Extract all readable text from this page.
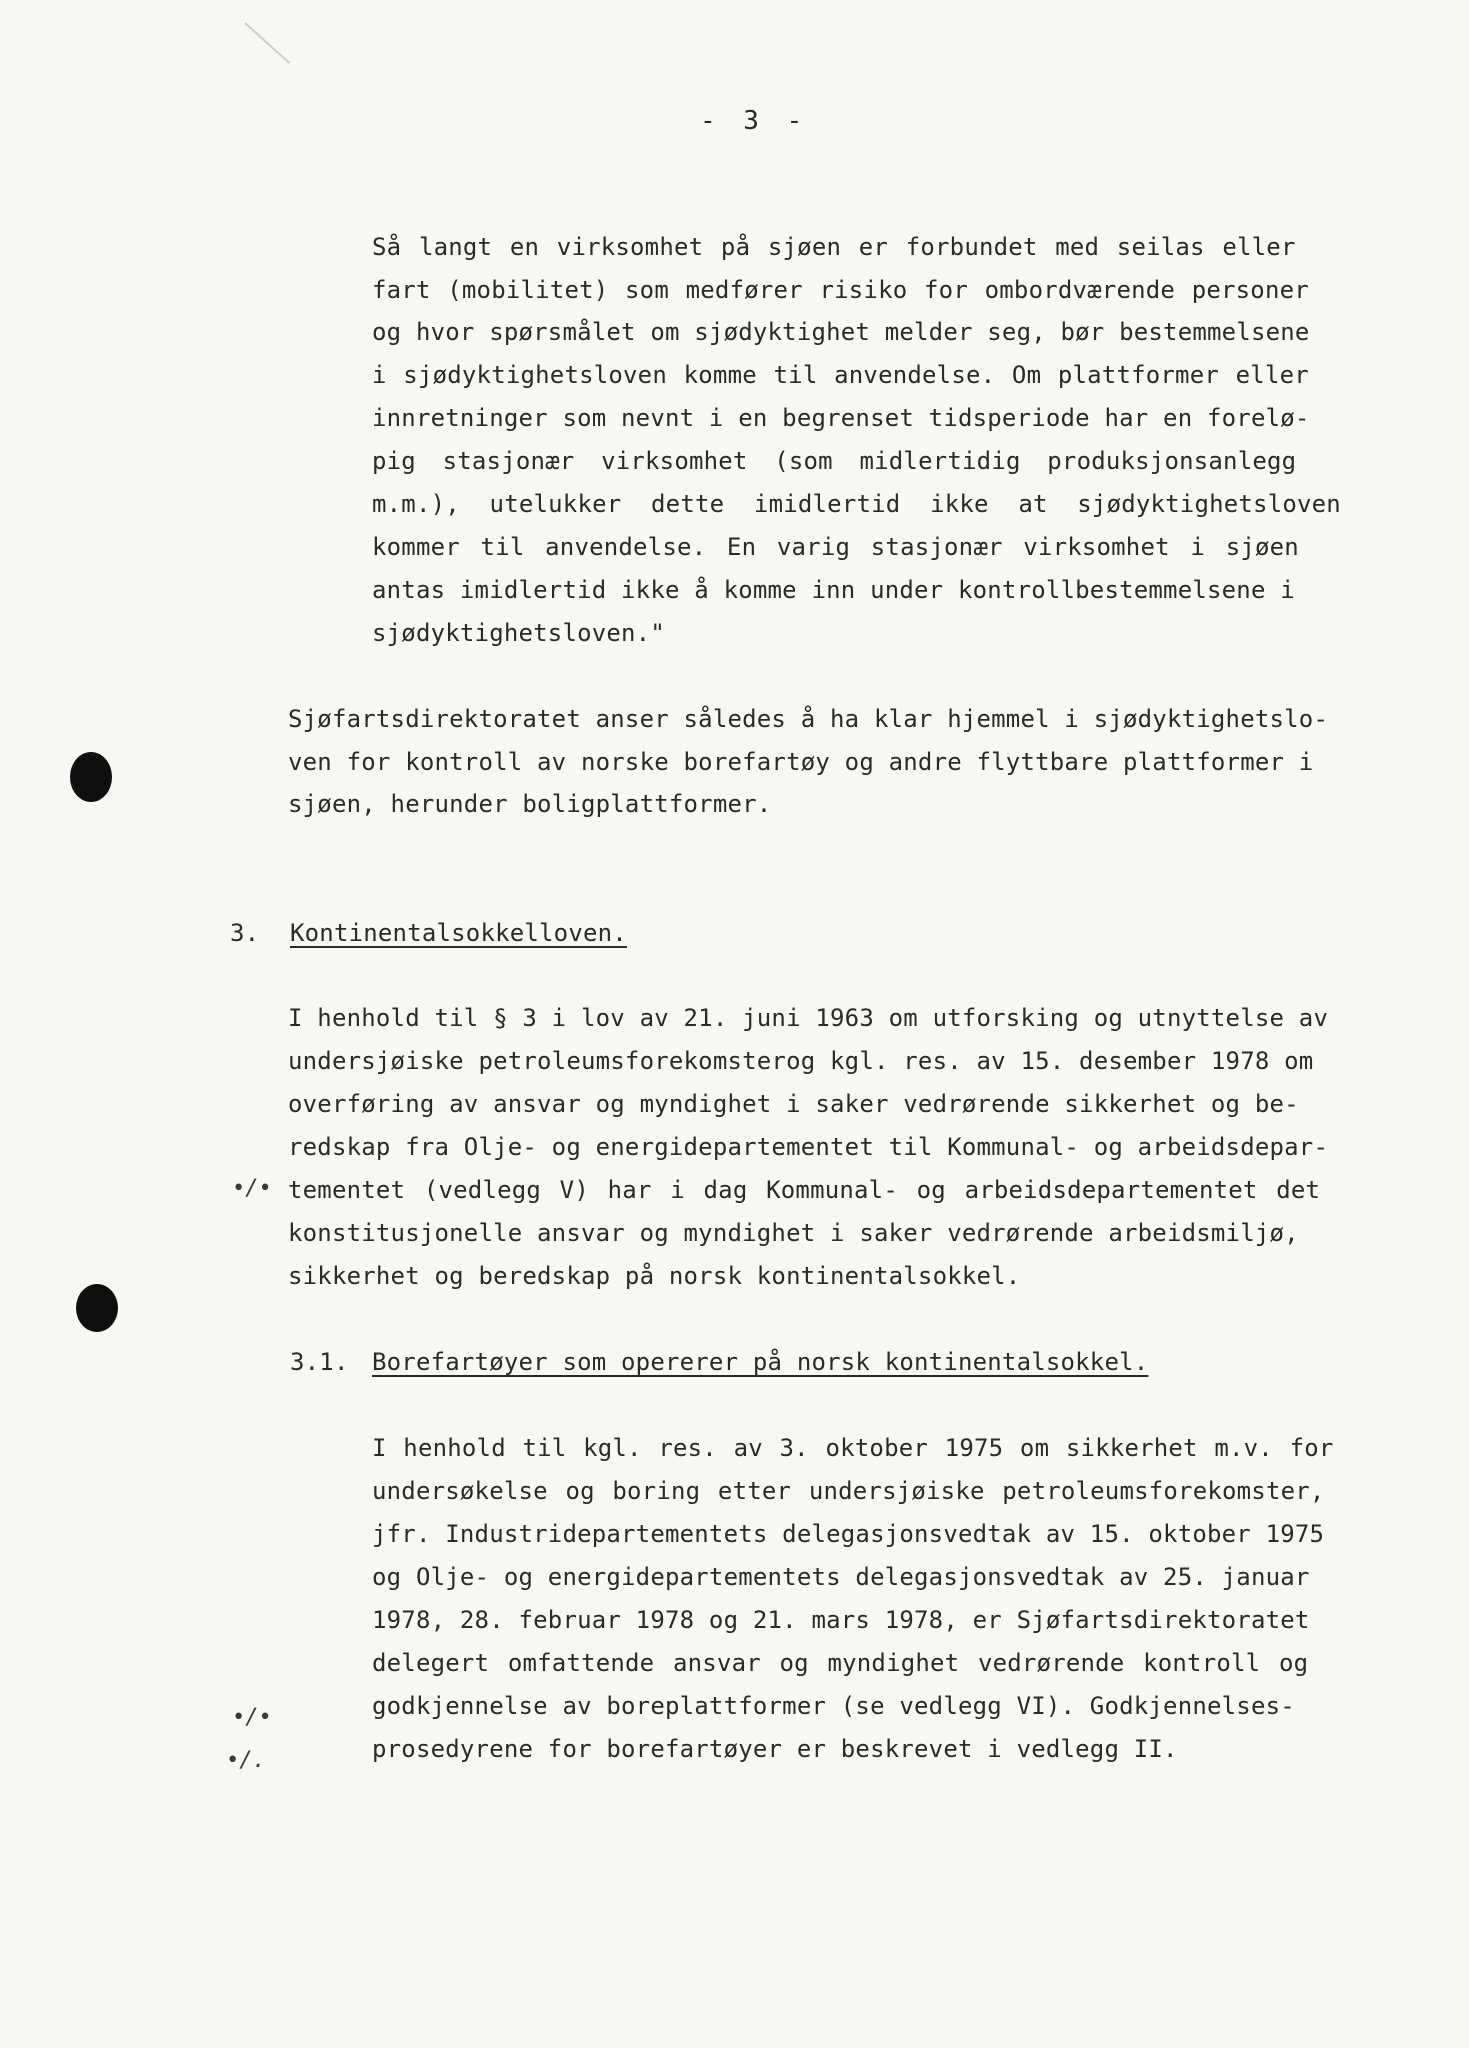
- 3 -
Så langt en virksomhet på sjøen er forbundet med seilas eller
fart (mobilitet) som medfører risiko for ombordværende personer
og hvor spørsmålet om sjødyktighet melder seg, bør bestemmelsene
i sjødyktighetsloven komme til anvendelse. Om plattformer eller
innretninger som nevnt i en begrenset tidsperiode har en forelø-
pig stasjonær virksomhet (som midlertidig produksjonsanlegg
m.m.), utelukker dette imidlertid ikke at sjødyktighetsloven
kommer til anvendelse. En varig stasjonær virksomhet i sjøen
antas imidlertid ikke å komme inn under kontrollbestemmelsene i
sjødyktighetsloven."
Sjøfartsdirektoratet anser således å ha klar hjemmel i sjødyktighetslo-
ven for kontroll av norske borefartøy og andre flyttbare plattformer i
sjøen, herunder boligplattformer.
3. Kontinentalsokkelloven.
I henhold til § 3 i lov av 21. juni 1963 om utforsking og utnyttelse av
undersjøiske petroleumsforekomsterog kgl. res. av 15. desember 1978 om
overføring av ansvar og myndighet i saker vedrørende sikkerhet og be-
redskap fra Olje- og energidepartementet til Kommunal- og arbeidsdepar-
tementet (vedlegg V) har i dag Kommunal- og arbeidsdepartementet det
konstitusjonelle ansvar og myndighet i saker vedrørende arbeidsmiljø,
sikkerhet og beredskap på norsk kontinentalsokkel.
3.1. Borefartøyer som opererer på norsk kontinentalsokkel.
I henhold til kgl. res. av 3. oktober 1975 om sikkerhet m.v. for
undersøkelse og boring etter undersjøiske petroleumsforekomster,
jfr. Industridepartementets delegasjonsvedtak av 15. oktober 1975
og Olje- og energidepartementets delegasjonsvedtak av 25. januar
1978, 28. februar 1978 og 21. mars 1978, er Sjøfartsdirektoratet
delegert omfattende ansvar og myndighet vedrørende kontroll og
godkjennelse av boreplattformer (se vedlegg VI). Godkjennelses-
prosedyrene for borefartøyer er beskrevet i vedlegg II.
•/•
•/•
•/.
